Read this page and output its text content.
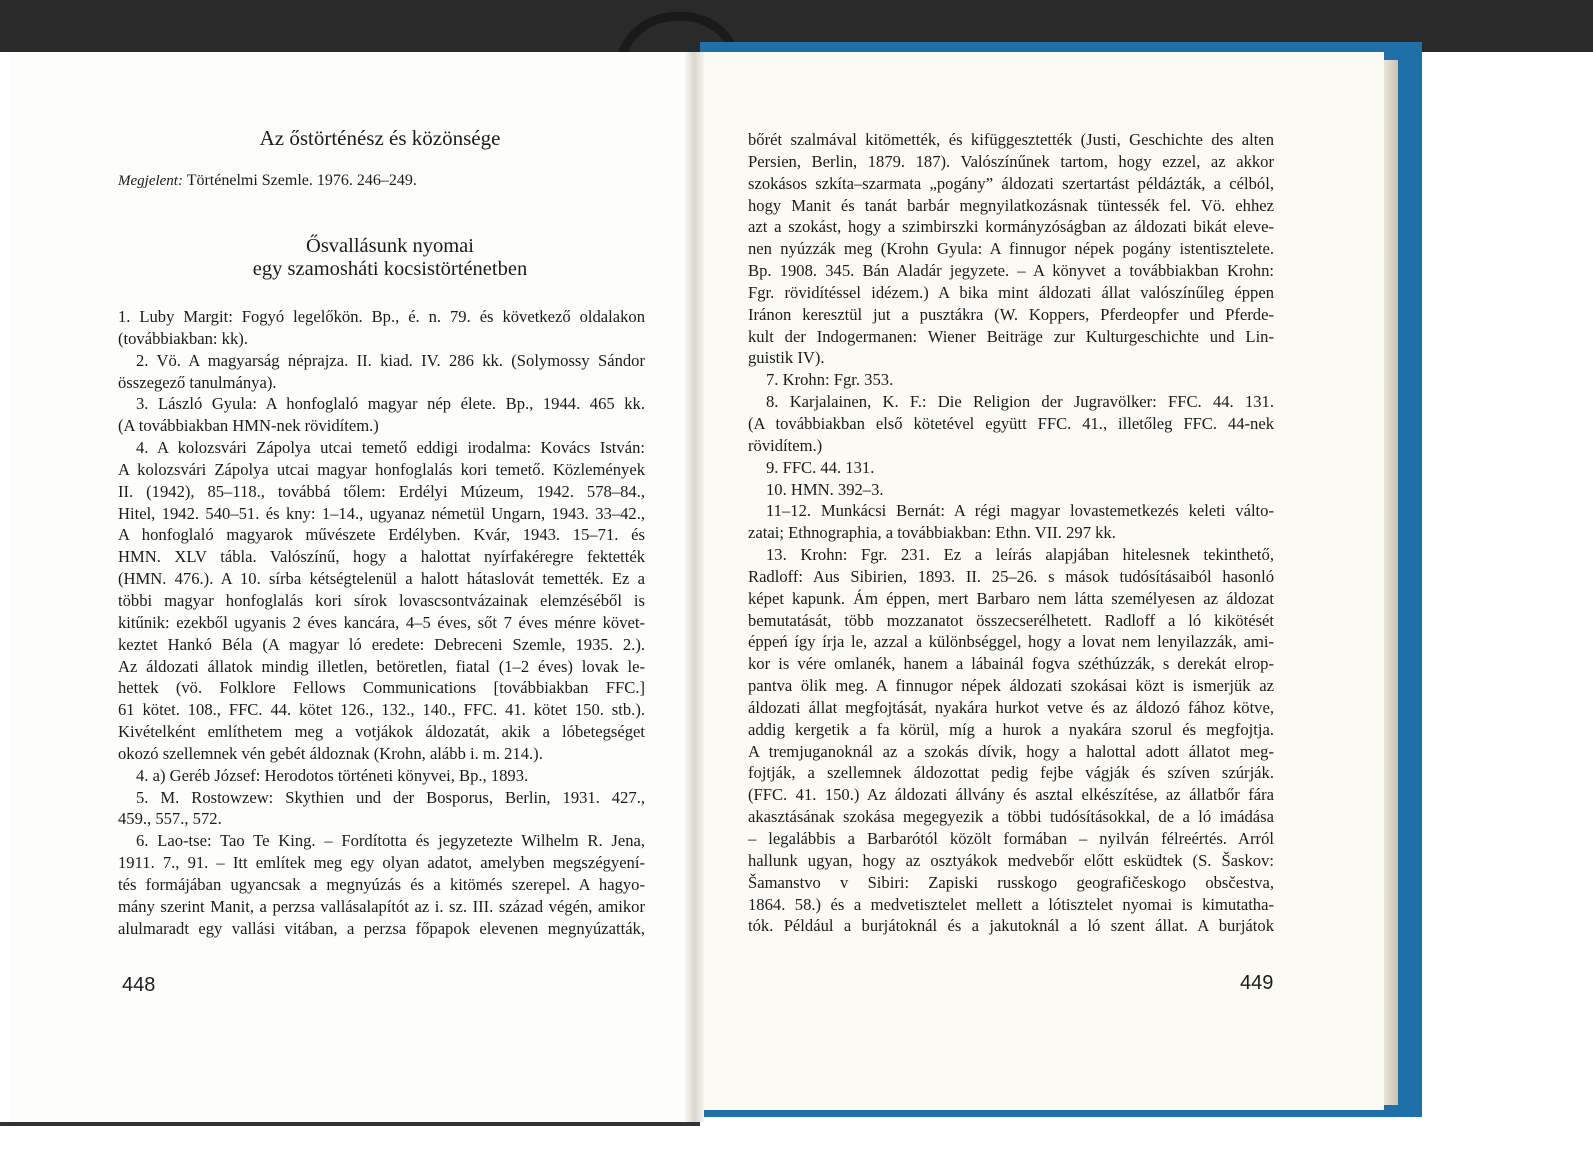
Az őstörténész és közönsége
Megjelent: Történelmi Szemle. 1976. 246–249.
Ősvallásunk nyomai
egy szamosháti kocsistörténetben
1. Luby Margit: Fogyó legelőkön. Bp., é. n. 79. és következő oldalakon
(továbbiakban: kk).
2. Vö. A magyarság néprajza. II. kiad. IV. 286 kk. (Solymossy Sándor
összegező tanulmánya).
3. László Gyula: A honfoglaló magyar nép élete. Bp., 1944. 465 kk.
(A továbbiakban HMN-nek rövidítem.)
4. A kolozsvári Zápolya utcai temető eddigi irodalma: Kovács István:
A kolozsvári Zápolya utcai magyar honfoglalás kori temető. Közlemények
II. (1942), 85–118., továbbá tőlem: Erdélyi Múzeum, 1942. 578–84.,
Hitel, 1942. 540–51. és kny: 1–14., ugyanaz németül Ungarn, 1943. 33–42.,
A honfoglaló magyarok művészete Erdélyben. Kvár, 1943. 15–71. és
HMN. XLV tábla. Valószínű, hogy a halottat nyírfakéregre fektették
(HMN. 476.). A 10. sírba kétségtelenül a halott hátaslovát temették. Ez a
többi magyar honfoglalás kori sírok lovascsontvázainak elemzéséből is
kitűnik: ezekből ugyanis 2 éves kancára, 4–5 éves, sőt 7 éves ménre követ-
keztet Hankó Béla (A magyar ló eredete: Debreceni Szemle, 1935. 2.).
Az áldozati állatok mindig illetlen, betöretlen, fiatal (1–2 éves) lovak le-
hettek (vö. Folklore Fellows Communications [továbbiakban FFC.]
61 kötet. 108., FFC. 44. kötet 126., 132., 140., FFC. 41. kötet 150. stb.).
Kivételként említhetem meg a votjákok áldozatát, akik a lóbetegséget
okozó szellemnek vén gebét áldoznak (Krohn, alább i. m. 214.).
4. a) Geréb József: Herodotos történeti könyvei, Bp., 1893.
5. M. Rostowzew: Skythien und der Bosporus, Berlin, 1931. 427.,
459., 557., 572.
6. Lao-tse: Tao Te King. – Fordította és jegyzetezte Wilhelm R. Jena,
1911. 7., 91. – Itt említek meg egy olyan adatot, amelyben megszégyení-
tés formájában ugyancsak a megnyúzás és a kitömés szerepel. A hagyo-
mány szerint Manit, a perzsa vallásalapítót az i. sz. III. század végén, amikor
alulmaradt egy vallási vitában, a perzsa főpapok elevenen megnyúzatták,
bőrét szalmával kitömették, és kifüggesztették (Justi, Geschichte des alten
Persien, Berlin, 1879. 187). Valószínűnek tartom, hogy ezzel, az akkor
szokásos szkíta–szarmata „pogány” áldozati szertartást példázták, a célból,
hogy Manit és tanát barbár megnyilatkozásnak tüntessék fel. Vö. ehhez
azt a szokást, hogy a szimbirszki kormányzóságban az áldozati bikát eleve-
nen nyúzzák meg (Krohn Gyula: A finnugor népek pogány istentisztelete.
Bp. 1908. 345. Bán Aladár jegyzete. – A könyvet a továbbiakban Krohn:
Fgr. rövidítéssel idézem.) A bika mint áldozati állat valószínűleg éppen
Iránon keresztül jut a pusztákra (W. Koppers, Pferdeopfer und Pferde-
kult der Indogermanen: Wiener Beiträge zur Kulturgeschichte und Lin-
guistik IV).
7. Krohn: Fgr. 353.
8. Karjalainen, K. F.: Die Religion der Jugravölker: FFC. 44. 131.
(A továbbiakban első kötetével együtt FFC. 41., illetőleg FFC. 44-nek
rövidítem.)
9. FFC. 44. 131.
10. HMN. 392–3.
11–12. Munkácsi Bernát: A régi magyar lovastemetkezés keleti válto-
zatai; Ethnographia, a továbbiakban: Ethn. VII. 297 kk.
13. Krohn: Fgr. 231. Ez a leírás alapjában hitelesnek tekinthető,
Radloff: Aus Sibirien, 1893. II. 25–26. s mások tudósításaiból hasonló
képet kapunk. Ám éppen, mert Barbaro nem látta személyesen az áldozat
bemutatását, több mozzanatot összecserélhetett. Radloff a ló kikötését
éppeń így írja le, azzal a különbséggel, hogy a lovat nem lenyilazzák, ami-
kor is vére omlanék, hanem a lábainál fogva széthúzzák, s derekát elrop-
pantva ölik meg. A finnugor népek áldozati szokásai közt is ismerjük az
áldozati állat megfojtását, nyakára hurkot vetve és az áldozó fához kötve,
addig kergetik a fa körül, míg a hurok a nyakára szorul és megfojtja.
A tremjuganoknál az a szokás dívik, hogy a halottal adott állatot meg-
fojtják, a szellemnek áldozottat pedig fejbe vágják és szíven szúrják.
(FFC. 41. 150.) Az áldozati állvány és asztal elkészítése, az állatbőr fára
akasztásának szokása megegyezik a többi tudósításokkal, de a ló imádása
– legalábbis a Barbarótól közölt formában – nyilván félreértés. Arról
hallunk ugyan, hogy az osztyákok medvebőr előtt esküdtek (S. Šaskov:
Šamanstvo v Sibiri: Zapiski russkogo geografičeskogo obsčestva,
1864. 58.) és a medvetisztelet mellett a lótisztelet nyomai is kimutatha-
tók. Például a burjátoknál és a jakutoknál a ló szent állat. A burjátok
448	449
